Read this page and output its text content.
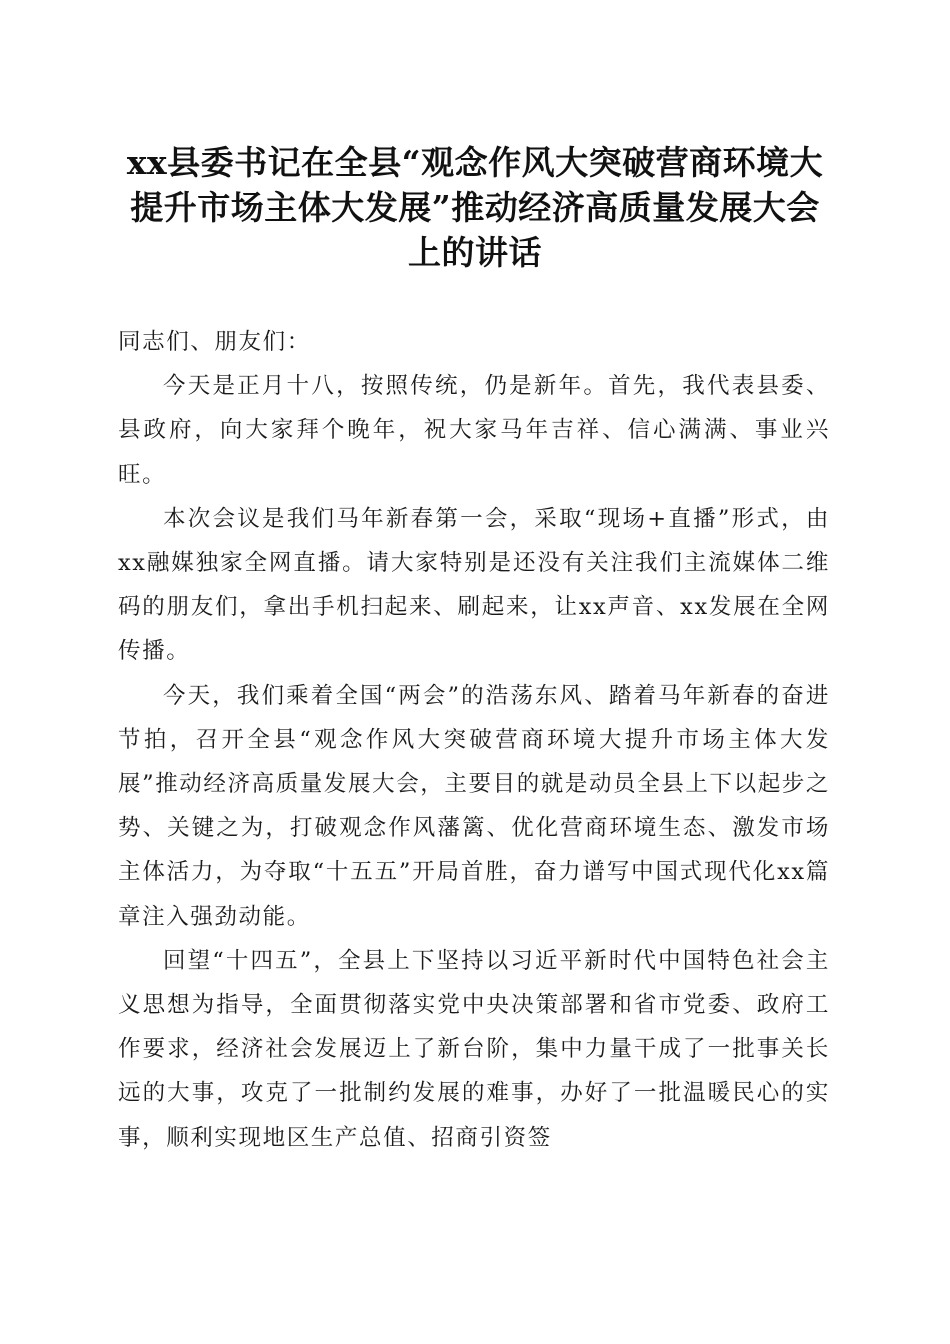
xx县委书记在全县“观念作风大突破营商环境大提升市场主体大发展”推动经济高质量发展大会上的讲话

同志们、朋友们：

今天是正月十八，按照传统，仍是新年。首先，我代表县委、县政府，向大家拜个晚年，祝大家马年吉祥、信心满满、事业兴旺。

本次会议是我们马年新春第一会，采取“现场+直播”形式，由xx融媒独家全网直播。请大家特别是还没有关注我们主流媒体二维码的朋友们，拿出手机扫起来、刷起来，让xx声音、xx发展在全网传播。

今天，我们乘着全国“两会”的浩荡东风、踏着马年新春的奋进节拍，召开全县“观念作风大突破营商环境大提升市场主体大发展”推动经济高质量发展大会，主要目的就是动员全县上下以起步之势、关键之为，打破观念作风藩篱、优化营商环境生态、激发市场主体活力，为夺取“十五五”开局首胜，奋力谱写中国式现代化xx篇章注入强劲动能。

回望“十四五”，全县上下坚持以习近平新时代中国特色社会主义思想为指导，全面贯彻落实党中央决策部署和省市党委、政府工作要求，经济社会发展迈上了新台阶，集中力量干成了一批事关长远的大事，攻克了一批制约发展的难事，办好了一批温暖民心的实事，顺利实现地区生产总值、招商引资签
